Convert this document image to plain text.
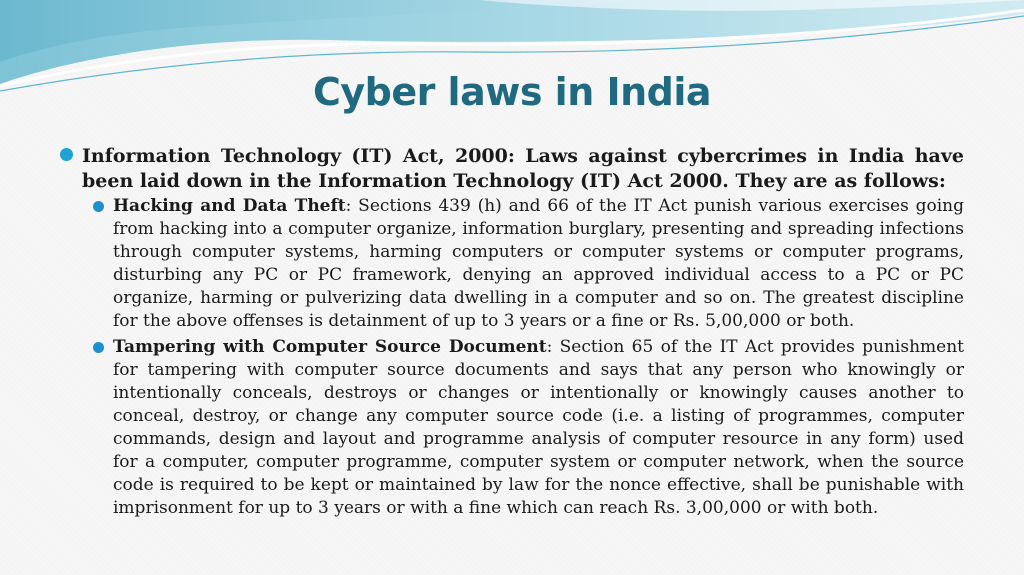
Cyber laws in India

Information Technology (IT) Act, 2000: Laws against cybercrimes in India have been laid down in the Information Technology (IT) Act 2000. They are as follows:

Hacking and Data Theft: Sections 439 (h) and 66 of the IT Act punish various exercises going from hacking into a computer organize, information burglary, presenting and spreading infections through computer systems, harming computers or computer systems or computer programs, disturbing any PC or PC framework, denying an approved individual access to a PC or PC organize, harming or pulverizing data dwelling in a computer and so on. The greatest discipline for the above offenses is detainment of up to 3 years or a fine or Rs. 5,00,000 or both.

Tampering with Computer Source Document: Section 65 of the IT Act provides punishment for tampering with computer source documents and says that any person who knowingly or intentionally conceals, destroys or changes or intentionally or knowingly causes another to conceal, destroy, or change any computer source code (i.e. a listing of programmes, computer commands, design and layout and programme analysis of computer resource in any form) used for a computer, computer programme, computer system or computer network, when the source code is required to be kept or maintained by law for the nonce effective, shall be punishable with imprisonment for up to 3 years or with a fine which can reach Rs. 3,00,000 or with both.
